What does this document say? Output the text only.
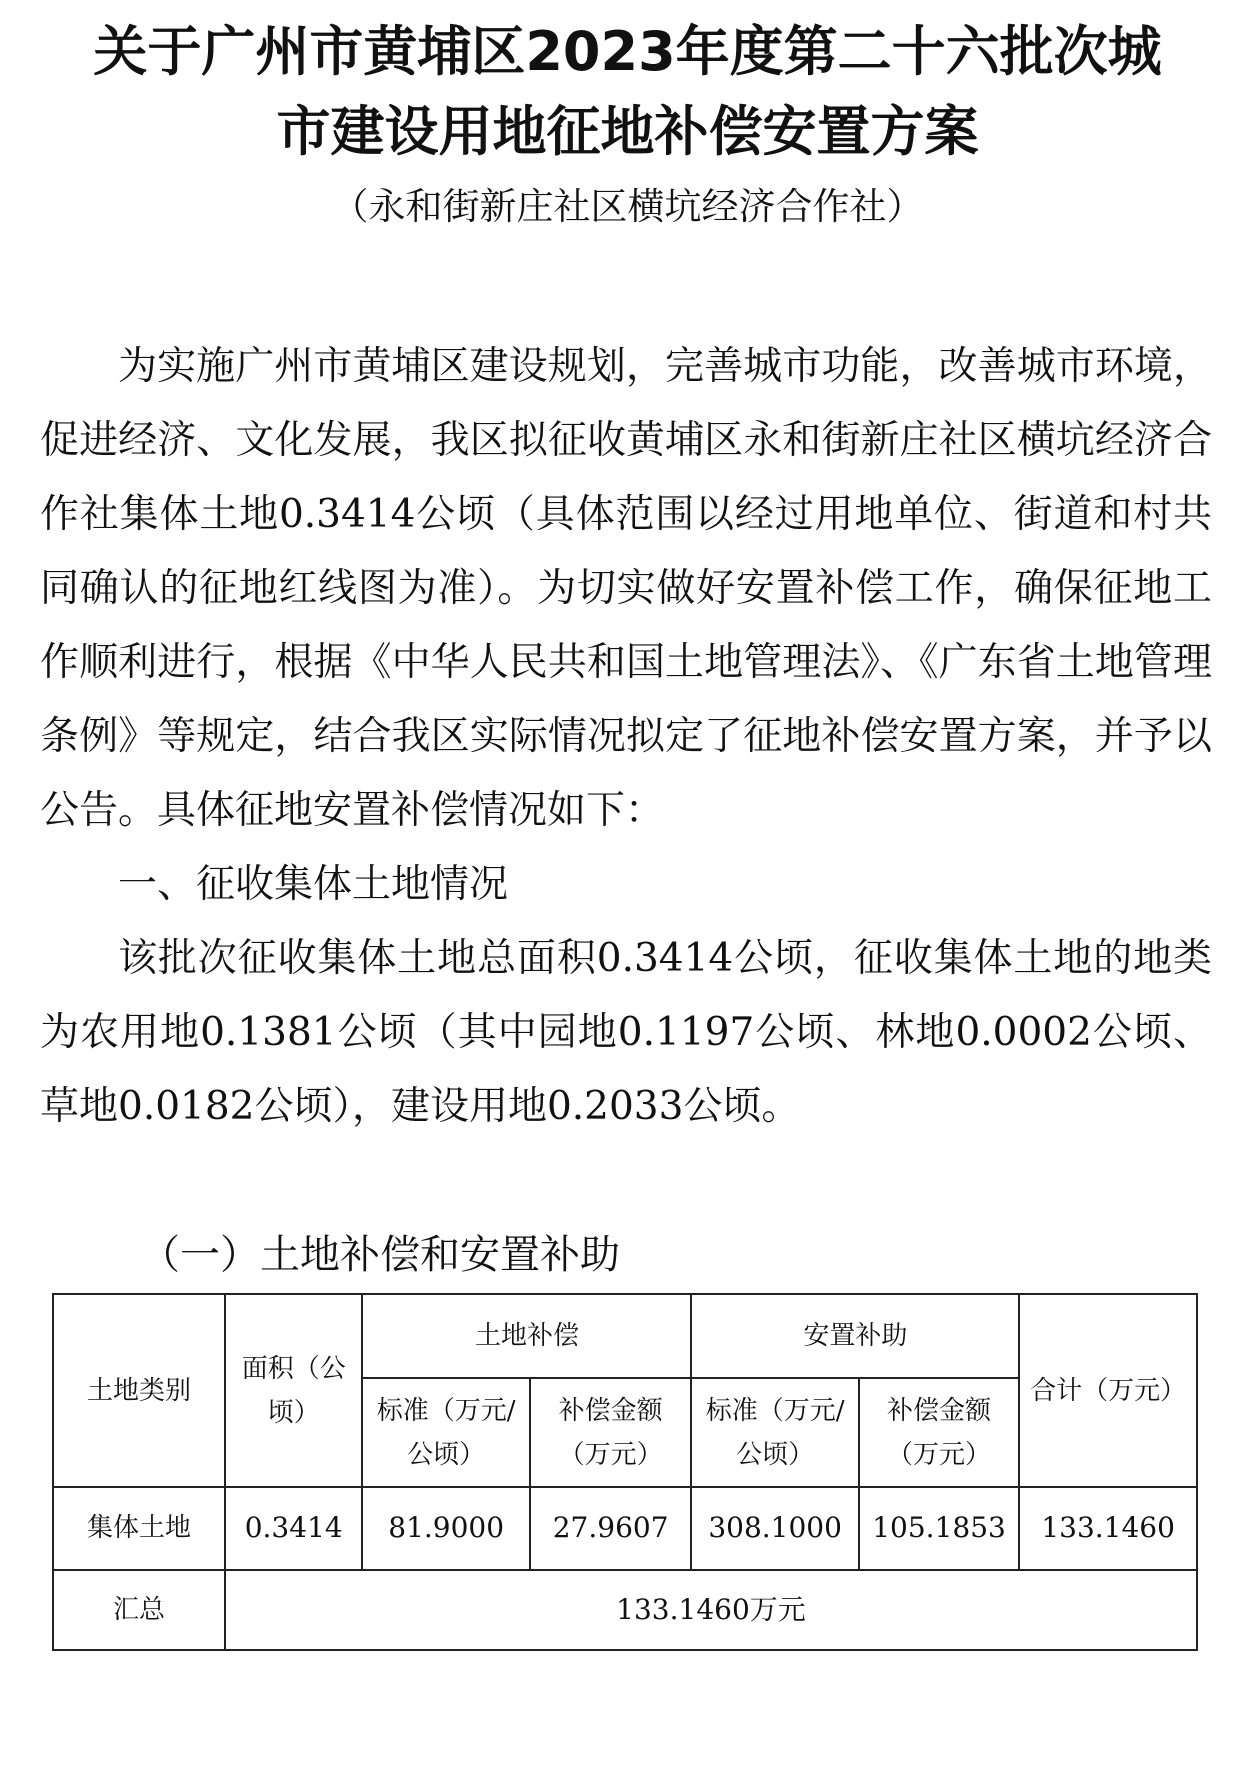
关于广州市黄埔区2023年度第二十六批次城
市建设用地征地补偿安置方案
（永和街新庄社区横坑经济合作社）

为实施广州市黄埔区建设规划，完善城市功能，改善城市环境，促进经济、文化发展，我区拟征收黄埔区永和街新庄社区横坑经济合作社集体土地0.3414公顷（具体范围以经过用地单位、街道和村共同确认的征地红线图为准）。为切实做好安置补偿工作，确保征地工作顺利进行，根据《中华人民共和国土地管理法》、《广东省土地管理条例》等规定，结合我区实际情况拟定了征地补偿安置方案，并予以公告。具体征地安置补偿情况如下：

一、征收集体土地情况

该批次征收集体土地总面积0.3414公顷，征收集体土地的地类为农用地0.1381公顷（其中园地0.1197公顷、林地0.0002公顷、草地0.0182公顷），建设用地0.2033公顷。

（一）土地补偿和安置补助
土地类别	面积（公顷）	土地补偿		安置补助		合计（万元）
		标准（万元/公顷）	补偿金额（万元）	标准（万元/公顷）	补偿金额（万元）	
集体土地	0.3414	81.9000	27.9607	308.1000	105.1853	133.1460
汇总	133.1460万元					
